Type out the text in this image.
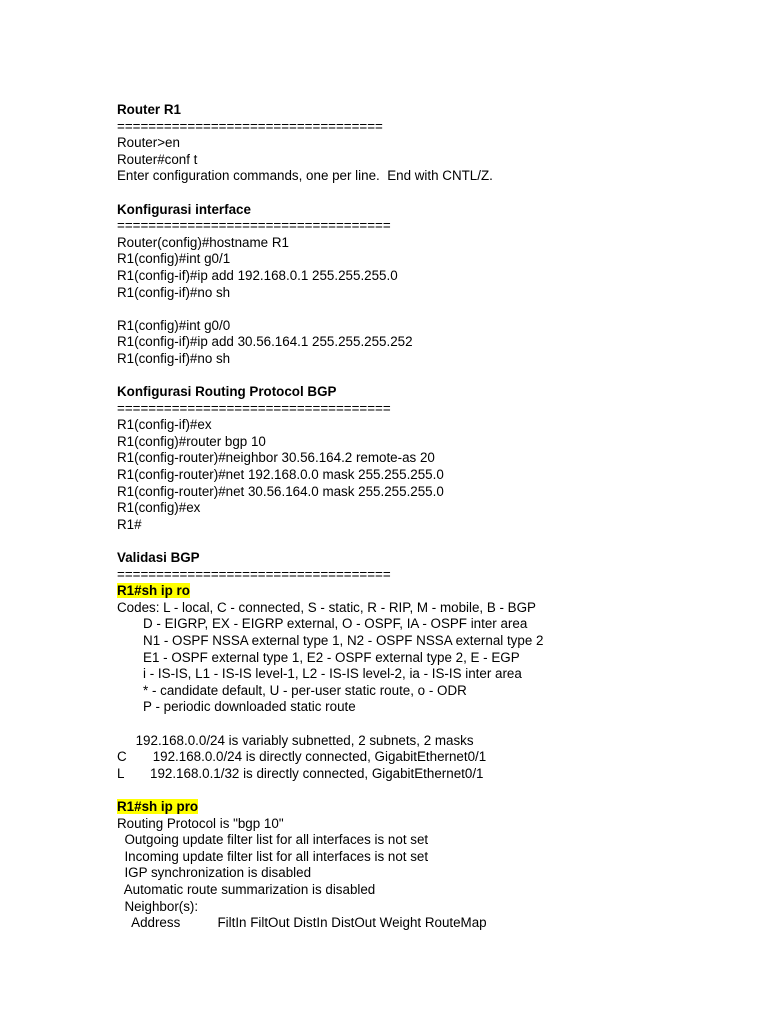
Router R1
==================================
Router>en
Router#conf t
Enter configuration commands, one per line.  End with CNTL/Z.
Konfigurasi interface
===================================
Router(config)#hostname R1
R1(config)#int g0/1
R1(config-if)#ip add 192.168.0.1 255.255.255.0
R1(config-if)#no sh
R1(config)#int g0/0
R1(config-if)#ip add 30.56.164.1 255.255.255.252
R1(config-if)#no sh
Konfigurasi Routing Protocol BGP
===================================
R1(config-if)#ex
R1(config)#router bgp 10
R1(config-router)#neighbor 30.56.164.2 remote-as 20
R1(config-router)#net 192.168.0.0 mask 255.255.255.0
R1(config-router)#net 30.56.164.0 mask 255.255.255.0
R1(config)#ex
R1#
Validasi BGP
===================================
R1#sh ip ro
Codes: L - local, C - connected, S - static, R - RIP, M - mobile, B - BGP
D - EIGRP, EX - EIGRP external, O - OSPF, IA - OSPF inter area
N1 - OSPF NSSA external type 1, N2 - OSPF NSSA external type 2
E1 - OSPF external type 1, E2 - OSPF external type 2, E - EGP
i - IS-IS, L1 - IS-IS level-1, L2 - IS-IS level-2, ia - IS-IS inter area
* - candidate default, U - per-user static route, o - ODR
P - periodic downloaded static route
192.168.0.0/24 is variably subnetted, 2 subnets, 2 masks
C       192.168.0.0/24 is directly connected, GigabitEthernet0/1
L       192.168.0.1/32 is directly connected, GigabitEthernet0/1
R1#sh ip pro
Routing Protocol is "bgp 10"
Outgoing update filter list for all interfaces is not set
Incoming update filter list for all interfaces is not set
IGP synchronization is disabled
Automatic route summarization is disabled
Neighbor(s):
Address          FiltIn FiltOut DistIn DistOut Weight RouteMap
